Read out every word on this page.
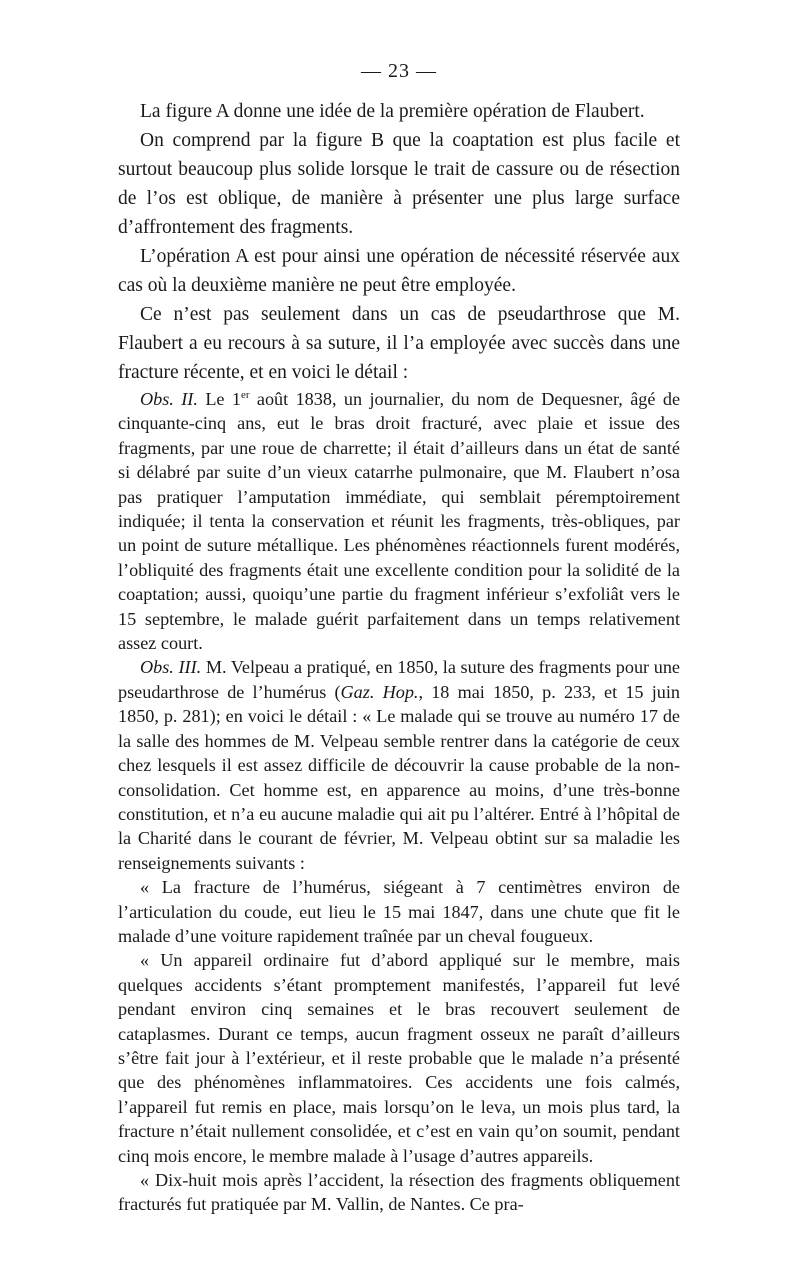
— 23 —

La figure A donne une idée de la première opération de Flaubert.

On comprend par la figure B que la coaptation est plus facile et surtout beaucoup plus solide lorsque le trait de cassure ou de résection de l’os est oblique, de manière à présenter une plus large surface d’affrontement des fragments.

L’opération A est pour ainsi une opération de nécessité réservée aux cas où la deuxième manière ne peut être employée.

Ce n’est pas seulement dans un cas de pseudarthrose que M. Flaubert a eu recours à sa suture, il l’a employée avec succès dans une fracture récente, et en voici le détail :

Obs. II. Le 1er août 1838, un journalier, du nom de Dequesner, âgé de cinquante-cinq ans, eut le bras droit fracturé, avec plaie et issue des fragments, par une roue de charrette; il était d’ailleurs dans un état de santé si délabré par suite d’un vieux catarrhe pulmonaire, que M. Flaubert n’osa pas pratiquer l’amputation immédiate, qui semblait péremptoirement indiquée; il tenta la conservation et réunit les fragments, très-obliques, par un point de suture métallique. Les phénomènes réactionnels furent modérés, l’obliquité des fragments était une excellente condition pour la solidité de la coaptation; aussi, quoiqu’une partie du fragment inférieur s’exfoliât vers le 15 septembre, le malade guérit parfaitement dans un temps relativement assez court.

Obs. III. M. Velpeau a pratiqué, en 1850, la suture des fragments pour une pseudarthrose de l’humérus (Gaz. Hop., 18 mai 1850, p. 233, et 15 juin 1850, p. 281); en voici le détail : « Le malade qui se trouve au numéro 17 de la salle des hommes de M. Velpeau semble rentrer dans la catégorie de ceux chez lesquels il est assez difficile de découvrir la cause probable de la non-consolidation. Cet homme est, en apparence au moins, d’une très-bonne constitution, et n’a eu aucune maladie qui ait pu l’altérer. Entré à l’hôpital de la Charité dans le courant de février, M. Velpeau obtint sur sa maladie les renseignements suivants :

« La fracture de l’humérus, siégeant à 7 centimètres environ de l’articulation du coude, eut lieu le 15 mai 1847, dans une chute que fit le malade d’une voiture rapidement traînée par un cheval fougueux.

« Un appareil ordinaire fut d’abord appliqué sur le membre, mais quelques accidents s’étant promptement manifestés, l’appareil fut levé pendant environ cinq semaines et le bras recouvert seulement de cataplasmes. Durant ce temps, aucun fragment osseux ne paraît d’ailleurs s’être fait jour à l’extérieur, et il reste probable que le malade n’a présenté que des phénomènes inflammatoires. Ces accidents une fois calmés, l’appareil fut remis en place, mais lorsqu’on le leva, un mois plus tard, la fracture n’était nullement consolidée, et c’est en vain qu’on soumit, pendant cinq mois encore, le membre malade à l’usage d’autres appareils.

« Dix-huit mois après l’accident, la résection des fragments obliquement fracturés fut pratiquée par M. Vallin, de Nantes. Ce pra-
